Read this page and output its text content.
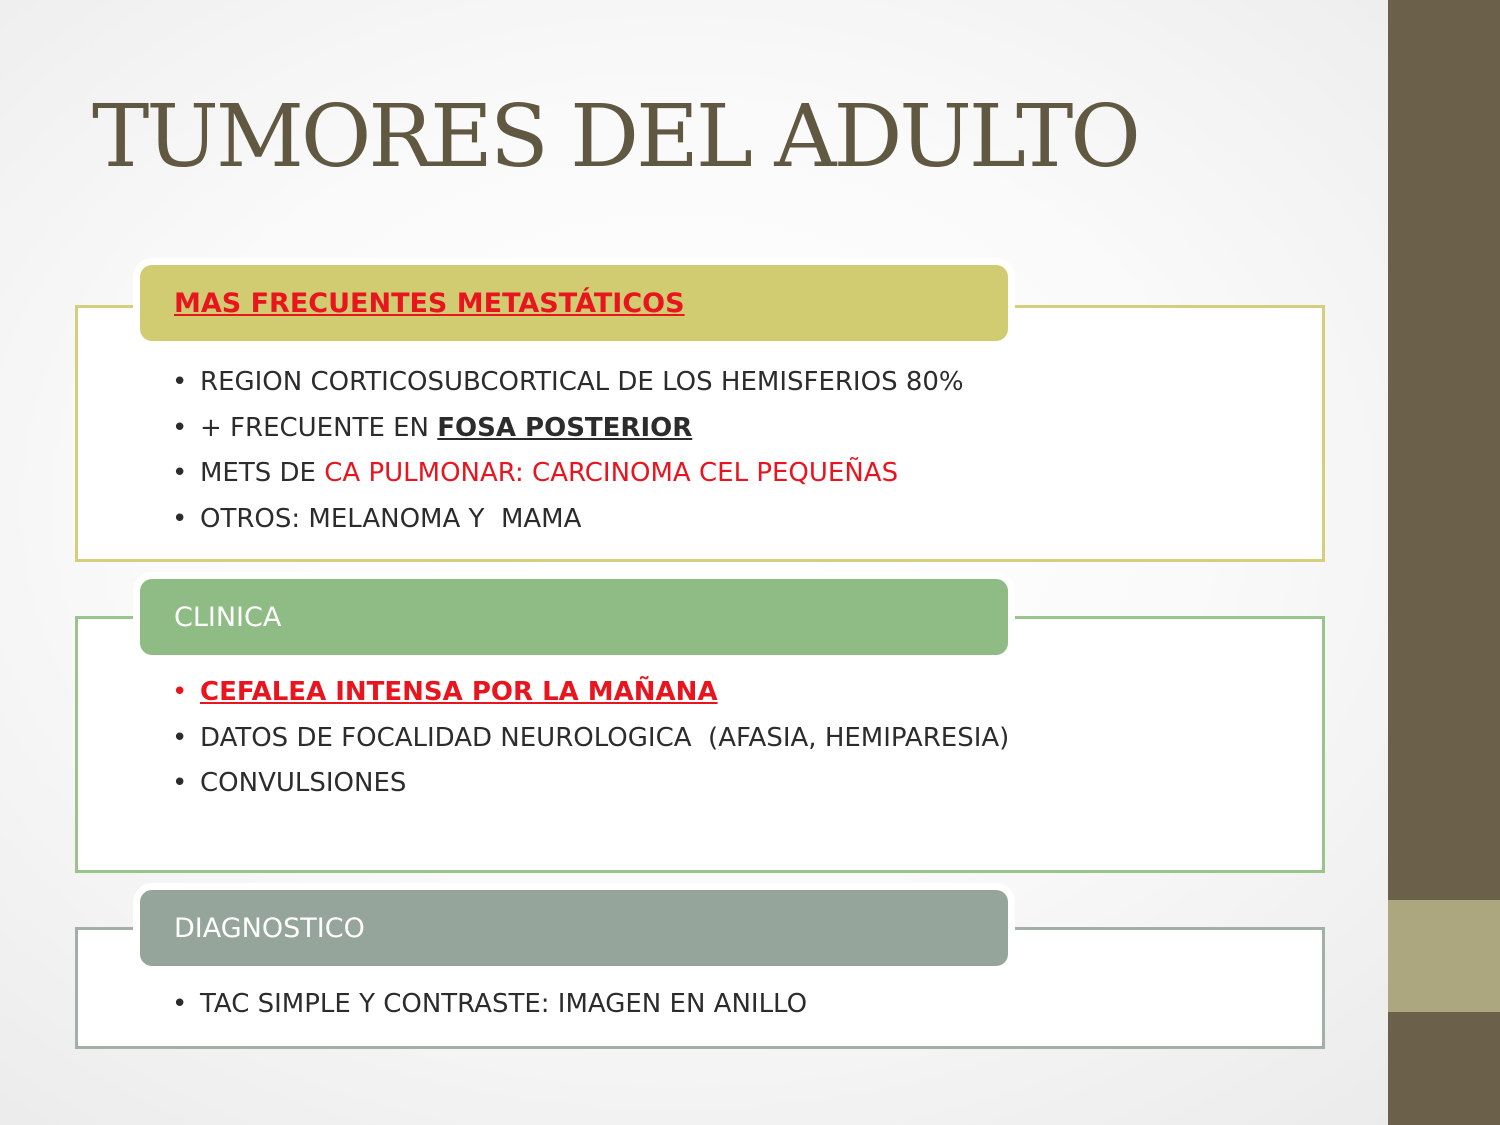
TUMORES DEL ADULTO
MAS FRECUENTES METASTÁTICOS
• REGION CORTICOSUBCORTICAL DE LOS HEMISFERIOS 80%
• + FRECUENTE EN FOSA POSTERIOR
• METS DE CA PULMONAR: CARCINOMA CEL PEQUEÑAS
• OTROS: MELANOMA Y  MAMA
CLINICA
• CEFALEA INTENSA POR LA MAÑANA
• DATOS DE FOCALIDAD NEUROLOGICA  (AFASIA, HEMIPARESIA)
• CONVULSIONES
DIAGNOSTICO
• TAC SIMPLE Y CONTRASTE: IMAGEN EN ANILLO
